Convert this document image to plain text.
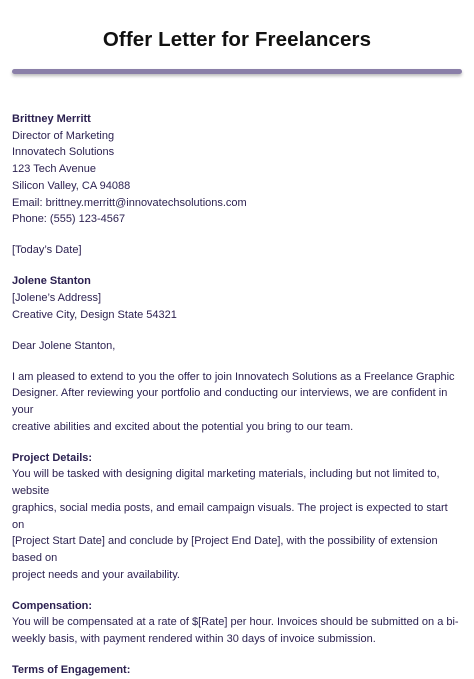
Offer Letter for Freelancers

Brittney Merritt

Director of Marketing

Innovatech Solutions

123 Tech Avenue

Silicon Valley, CA 94088

Email: brittney.merritt@innovatechsolutions.com

Phone: (555) 123-4567

[Today’s Date]

Jolene Stanton

[Jolene’s Address]

Creative City, Design State 54321

Dear Jolene Stanton,

I am pleased to extend to you the offer to join Innovatech Solutions as a Freelance Graphic

Designer. After reviewing your portfolio and conducting our interviews, we are confident in your

creative abilities and excited about the potential you bring to our team.

Project Details:

You will be tasked with designing digital marketing materials, including but not limited to, website

graphics, social media posts, and email campaign visuals. The project is expected to start on

[Project Start Date] and conclude by [Project End Date], with the possibility of extension based on

project needs and your availability.

Compensation:

You will be compensated at a rate of $[Rate] per hour. Invoices should be submitted on a bi-

weekly basis, with payment rendered within 30 days of invoice submission.

Terms of Engagement:
